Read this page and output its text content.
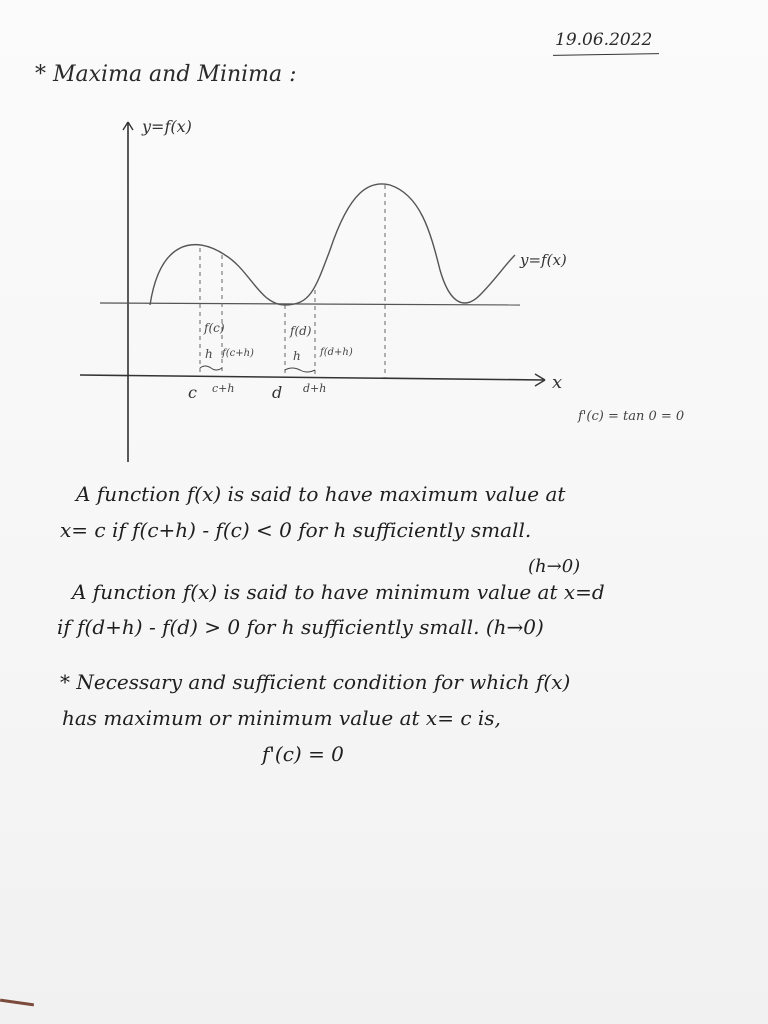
19.06.2022
* Maxima and Minima :
y=f(x)
x
y=f(x)
f(c)
h f(c+h)
f(d)
h f(d+h)
c c+h d d+h
f'(c) = tan 0 = 0
A function f(x) is said to have maximum value at
x= c if f(c+h) - f(c) < 0 for h sufficiently small.
(h→0)
A function f(x) is said to have minimum value at x=d
if f(d+h) - f(d) > 0 for h sufficiently small. (h→0)
* Necessary and sufficient condition for which f(x)
has maximum or minimum value at x= c is,
f'(c) = 0
